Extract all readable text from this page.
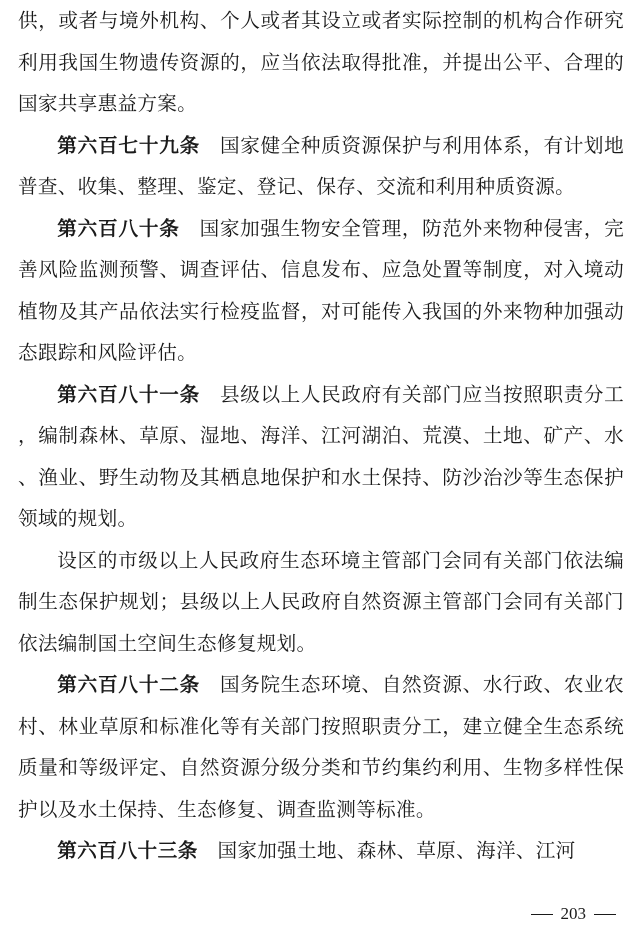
供，或者与境外机构、个人或者其设立或者实际控制的机构合作研究利用我国生物遗传资源的，应当依法取得批准，并提出公平、合理的国家共享惠益方案。

第六百七十九条 国家健全种质资源保护与利用体系，有计划地普查、收集、整理、鉴定、登记、保存、交流和利用种质资源。

第六百八十条 国家加强生物安全管理，防范外来物种侵害，完善风险监测预警、调查评估、信息发布、应急处置等制度，对入境动植物及其产品依法实行检疫监督，对可能传入我国的外来物种加强动态跟踪和风险评估。

第六百八十一条 县级以上人民政府有关部门应当按照职责分工，编制森林、草原、湿地、海洋、江河湖泊、荒漠、土地、矿产、水、渔业、野生动物及其栖息地保护和水土保持、防沙治沙等生态保护领域的规划。

设区的市级以上人民政府生态环境主管部门会同有关部门依法编制生态保护规划；县级以上人民政府自然资源主管部门会同有关部门依法编制国土空间生态修复规划。

第六百八十二条 国务院生态环境、自然资源、水行政、农业农村、林业草原和标准化等有关部门按照职责分工，建立健全生态系统质量和等级评定、自然资源分级分类和节约集约利用、生物多样性保护以及水土保持、生态修复、调查监测等标准。

第六百八十三条 国家加强土地、森林、草原、海洋、江河

203
